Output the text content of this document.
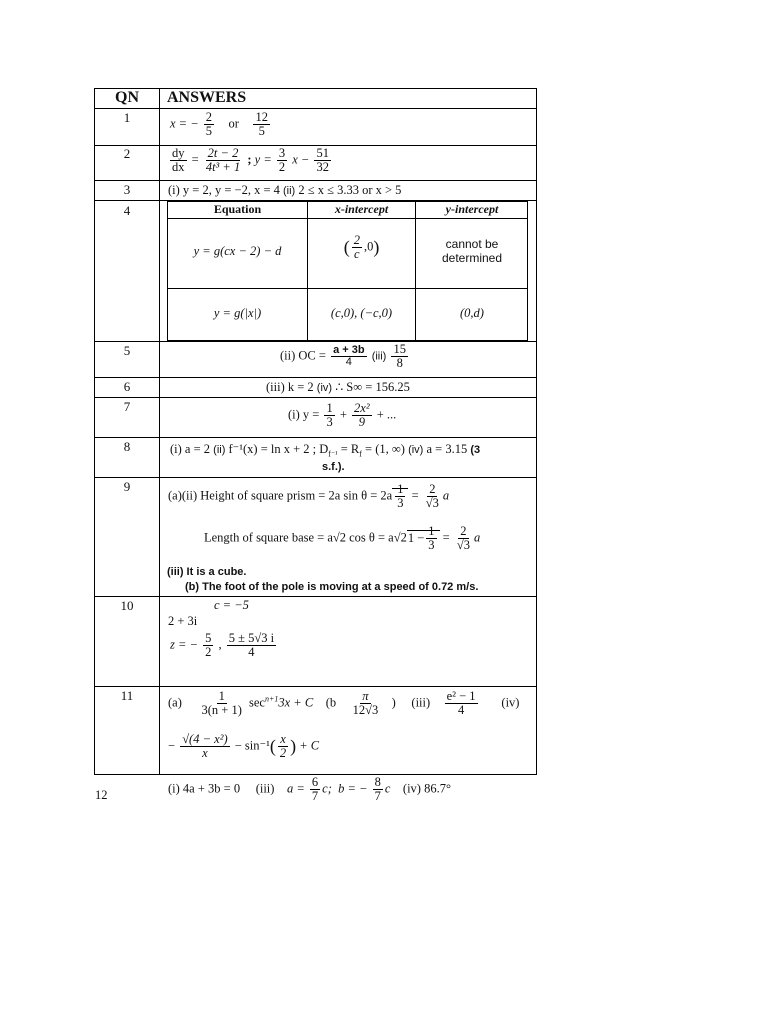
QN	ANSWERS
1	x = − $\frac{2}{5}$ or $\frac{12}{5}$
2	$\frac{dy}{dx} = \frac{2t - 2}{\text{4t³ + 1}}$ ; $y = \frac{3}{2}$ $x - \frac{51}{32}$
3	(i) y = 2, y = −2, x = 4 (ii) 2 ≤ x ≤ 3.33 or x > 5
4	Equation	x-intercept	y-intercept
y = g(cx − 2) − d	( $\frac{2}{c} ,0$)	cannot be determined
y = g(|x|)	(c,0), (−c,0)	(0,d)
5	(ii) OC = $\frac{a + 3b}{4} (iii) \frac{15}{8}$
6	(iii) k = 2 (iv) ∴ S∞ = 156.25
7
(i) $y = \frac{1}{3} + \frac{\text{2x²}}{9}$ + ...
8	(i) a = 2 (ii) f⁻¹(x) = ln x + 2 ; $D_{f^{-1}} = R_f = (1$, ∞) (iv) a = 3.15 (3
s.f.).
9
(a)(ii) Height of square prism = 2a $\sin \theta = 2a \frac{1}{3} = \frac{2}{√3}$ a
Length of square base = a√2 $\cos \theta = a√21 - \frac{1}{3} = \frac{2}{√3}$ a
(iii) It is a cube.
(b) The foot of the pole is moving at a speed of 0.72 m/s.
10	c = −5
2 + 3i
z = − $\frac{5}{2}$ , $\frac{5 \pm 5√3 i}{4}$
11	$(a) \frac{1}{3(n + 1)} \sec^{n+1}3x + C$ ($b \frac{\pi}{12√3}$ ) $(iii) \frac{\text{e² − 1}}{4} (iv)$
− $\frac{\text{√(4 − x²)}}{x} - \sin^{-1}( \frac{x}{2}$ ) + C
12	(i) 4a + 3b = 0 (iii) $a = \frac{6}{7} c$; b = − $\frac{8}{7}$ c (iv) 86.7°
